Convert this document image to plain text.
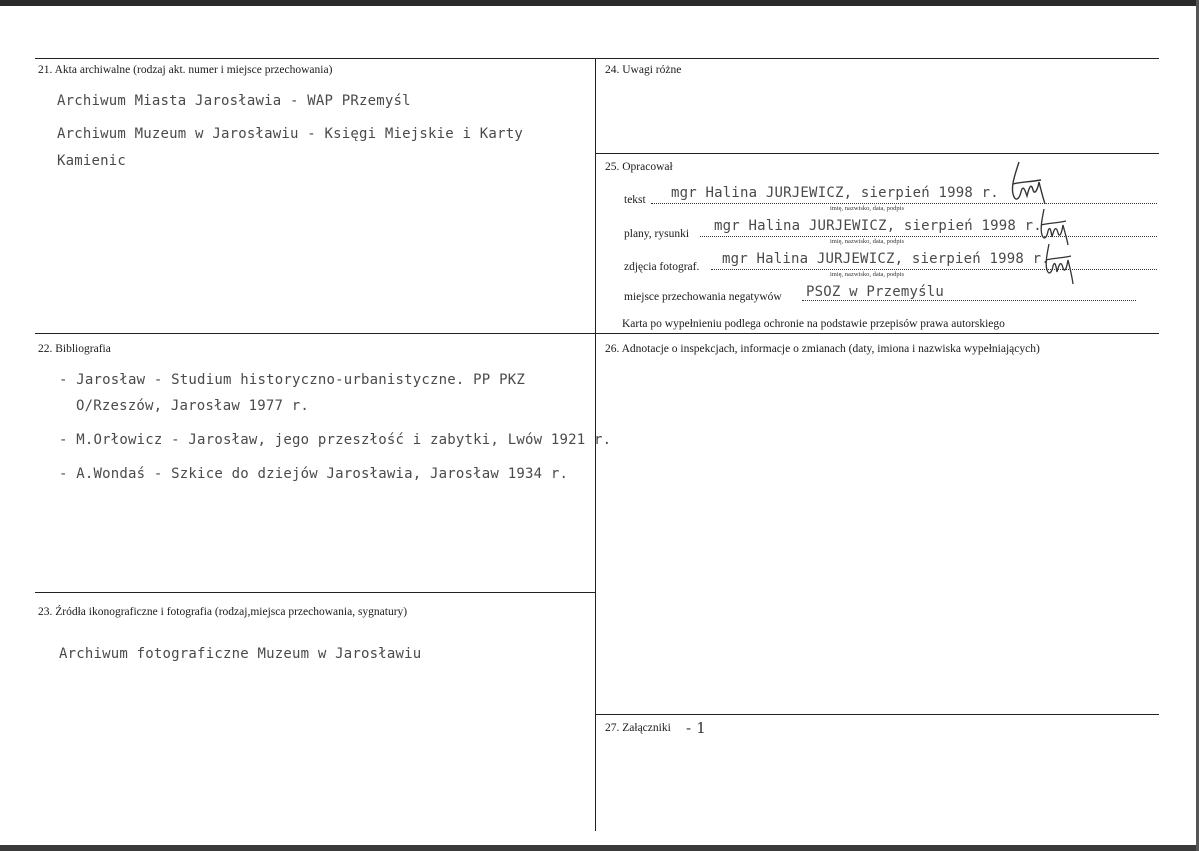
21. Akta archiwalne (rodzaj akt. numer i miejsce przechowania)
Archiwum Miasta Jarosławia - WAP PRzemyśl
Archiwum Muzeum w Jarosławiu - Księgi Miejskie i Karty
Kamienic
22. Bibliografia
- Jarosław - Studium historyczno-urbanistyczne. PP PKZ
O/Rzeszów, Jarosław 1977 r.
- M.Orłowicz - Jarosław, jego przeszłość i zabytki, Lwów 1921 r.
- A.Wondaś - Szkice do dziejów Jarosławia, Jarosław 1934 r.
23. Źródła ikonograficzne i fotografia (rodzaj,miejsca przechowania, sygnatury)
Archiwum fotograficzne Muzeum w Jarosławiu
24. Uwagi różne
25. Opracował
tekst mgr Halina JURJEWICZ, sierpień 1998 r.
imię, nazwisko, data, podpis
plany, rysunki mgr Halina JURJEWICZ, sierpień 1998 r.
imię, nazwisko, data, podpis
zdjęcia fotograf. mgr Halina JURJEWICZ, sierpień 1998 r.
imię, nazwisko, data, podpis
miejsce przechowania negatywów PSOZ w Przemyślu
Karta po wypełnieniu podlega ochronie na podstawie przepisów prawa autorskiego
26. Adnotacje o inspekcjach, informacje o zmianach (daty, imiona i nazwiska wypełniających)
27. Załączniki - 1
